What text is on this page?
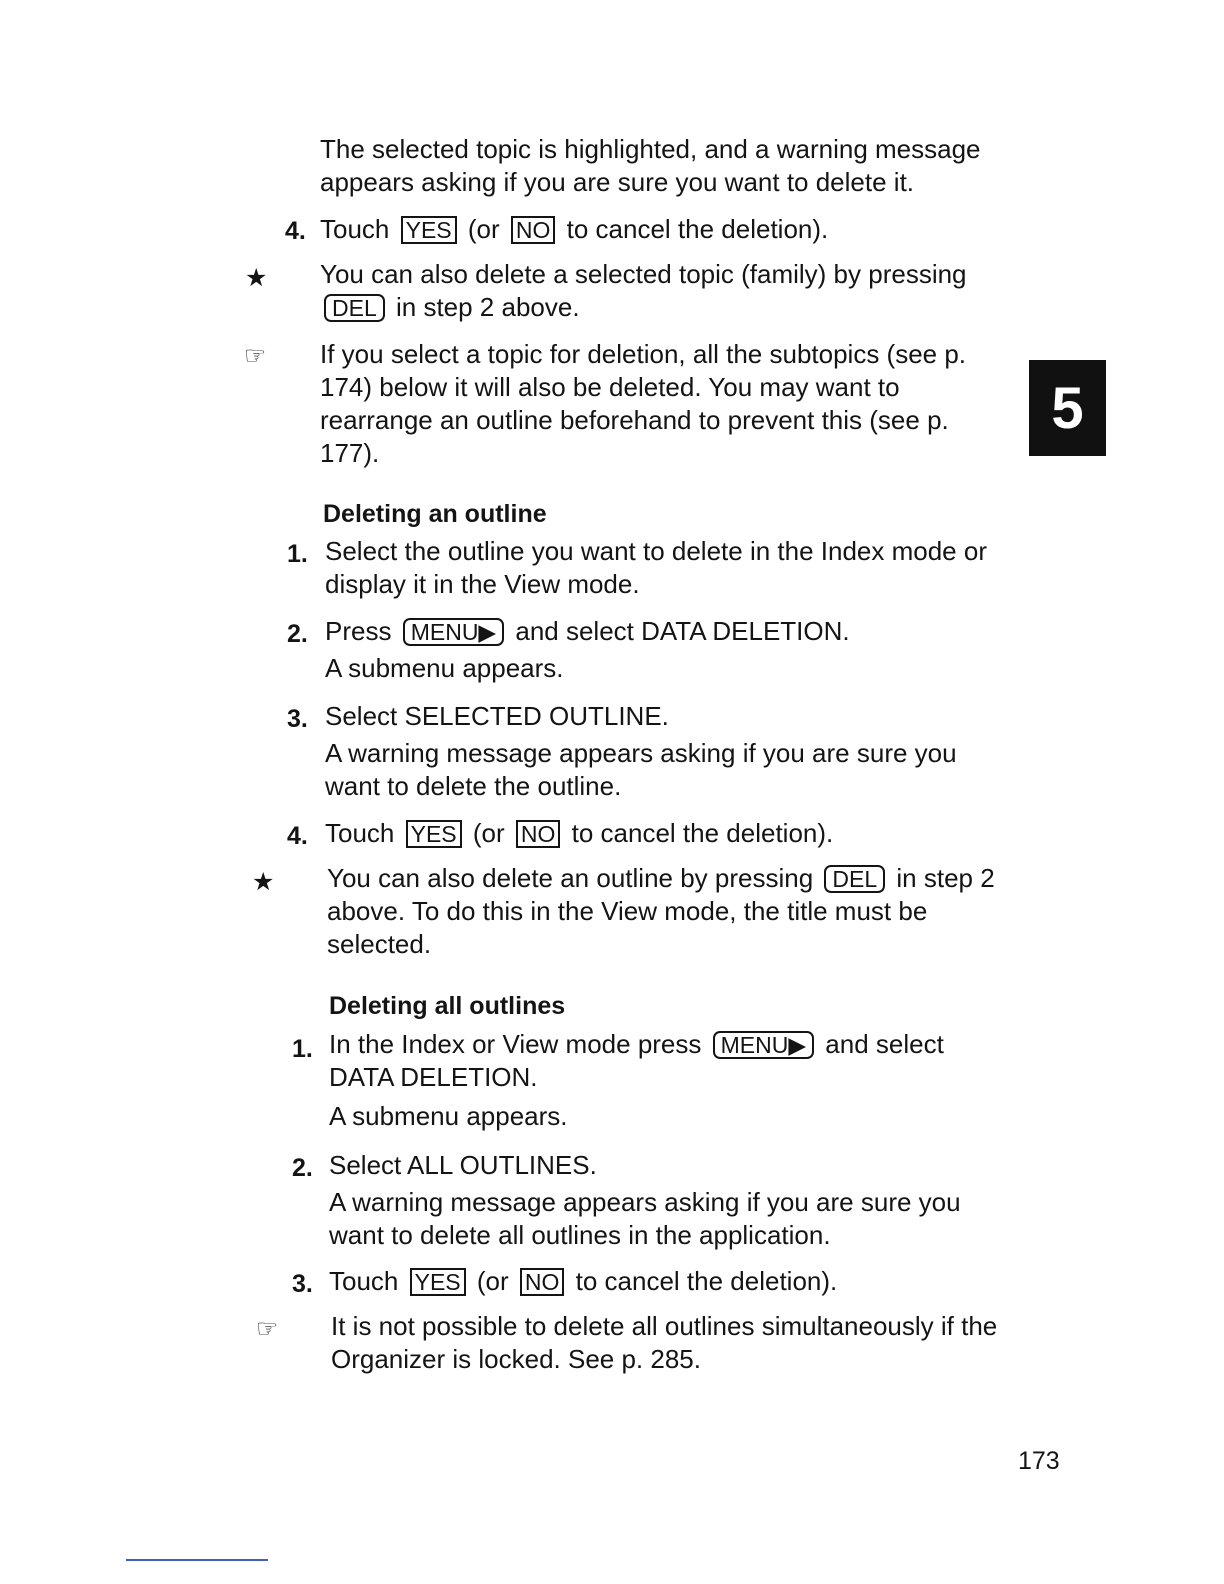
The selected topic is highlighted, and a warning message appears asking if you are sure you want to delete it.
4. Touch YES (or NO to cancel the deletion).
★ You can also delete a selected topic (family) by pressing DEL in step 2 above.
☞ If you select a topic for deletion, all the subtopics (see p. 174) below it will also be deleted. You may want to rearrange an outline beforehand to prevent this (see p. 177).
5
Deleting an outline
1. Select the outline you want to delete in the Index mode or display it in the View mode.
2. Press MENU▶ and select DATA DELETION.
A submenu appears.
3. Select SELECTED OUTLINE.
A warning message appears asking if you are sure you want to delete the outline.
4. Touch YES (or NO to cancel the deletion).
★ You can also delete an outline by pressing DEL in step 2 above. To do this in the View mode, the title must be selected.
Deleting all outlines
1. In the Index or View mode press MENU▶ and select DATA DELETION.
A submenu appears.
2. Select ALL OUTLINES.
A warning message appears asking if you are sure you want to delete all outlines in the application.
3. Touch YES (or NO to cancel the deletion).
☞ It is not possible to delete all outlines simultaneously if the Organizer is locked. See p. 285.
173
